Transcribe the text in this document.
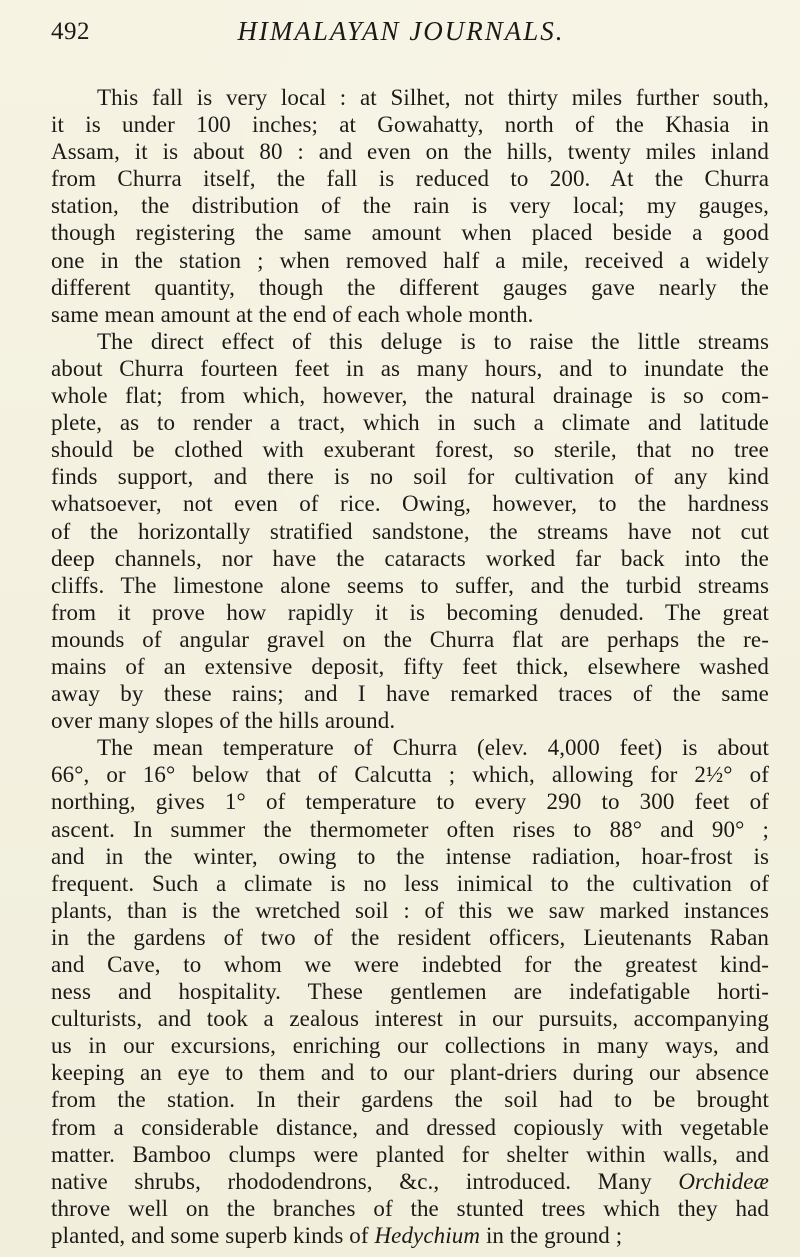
492	HIMALAYAN JOURNALS.
This fall is very local : at Silhet, not thirty miles further south,
it is under 100 inches; at Gowahatty, north of the Khasia in
Assam, it is about 80 : and even on the hills, twenty miles inland
from Churra itself, the fall is reduced to 200. At the Churra
station, the distribution of the rain is very local; my gauges,
though registering the same amount when placed beside a good
one in the station ; when removed half a mile, received a widely
different quantity, though the different gauges gave nearly the
same mean amount at the end of each whole month.
The direct effect of this deluge is to raise the little streams
about Churra fourteen feet in as many hours, and to inundate the
whole flat; from which, however, the natural drainage is so com-
plete, as to render a tract, which in such a climate and latitude
should be clothed with exuberant forest, so sterile, that no tree
finds support, and there is no soil for cultivation of any kind
whatsoever, not even of rice. Owing, however, to the hardness
of the horizontally stratified sandstone, the streams have not cut
deep channels, nor have the cataracts worked far back into the
cliffs. The limestone alone seems to suffer, and the turbid streams
from it prove how rapidly it is becoming denuded. The great
mounds of angular gravel on the Churra flat are perhaps the re-
mains of an extensive deposit, fifty feet thick, elsewhere washed
away by these rains; and I have remarked traces of the same
over many slopes of the hills around.
The mean temperature of Churra (elev. 4,000 feet) is about
66°, or 16° below that of Calcutta ; which, allowing for 2½° of
northing, gives 1° of temperature to every 290 to 300 feet of
ascent. In summer the thermometer often rises to 88° and 90° ;
and in the winter, owing to the intense radiation, hoar-frost is
frequent. Such a climate is no less inimical to the cultivation of
plants, than is the wretched soil : of this we saw marked instances
in the gardens of two of the resident officers, Lieutenants Raban
and Cave, to whom we were indebted for the greatest kind-
ness and hospitality. These gentlemen are indefatigable horti-
culturists, and took a zealous interest in our pursuits, accompanying
us in our excursions, enriching our collections in many ways, and
keeping an eye to them and to our plant-driers during our absence
from the station. In their gardens the soil had to be brought
from a considerable distance, and dressed copiously with vegetable
matter. Bamboo clumps were planted for shelter within walls, and
native shrubs, rhododendrons, &c., introduced. Many Orchideæ
throve well on the branches of the stunted trees which they had
planted, and some superb kinds of Hedychium in the ground ;
